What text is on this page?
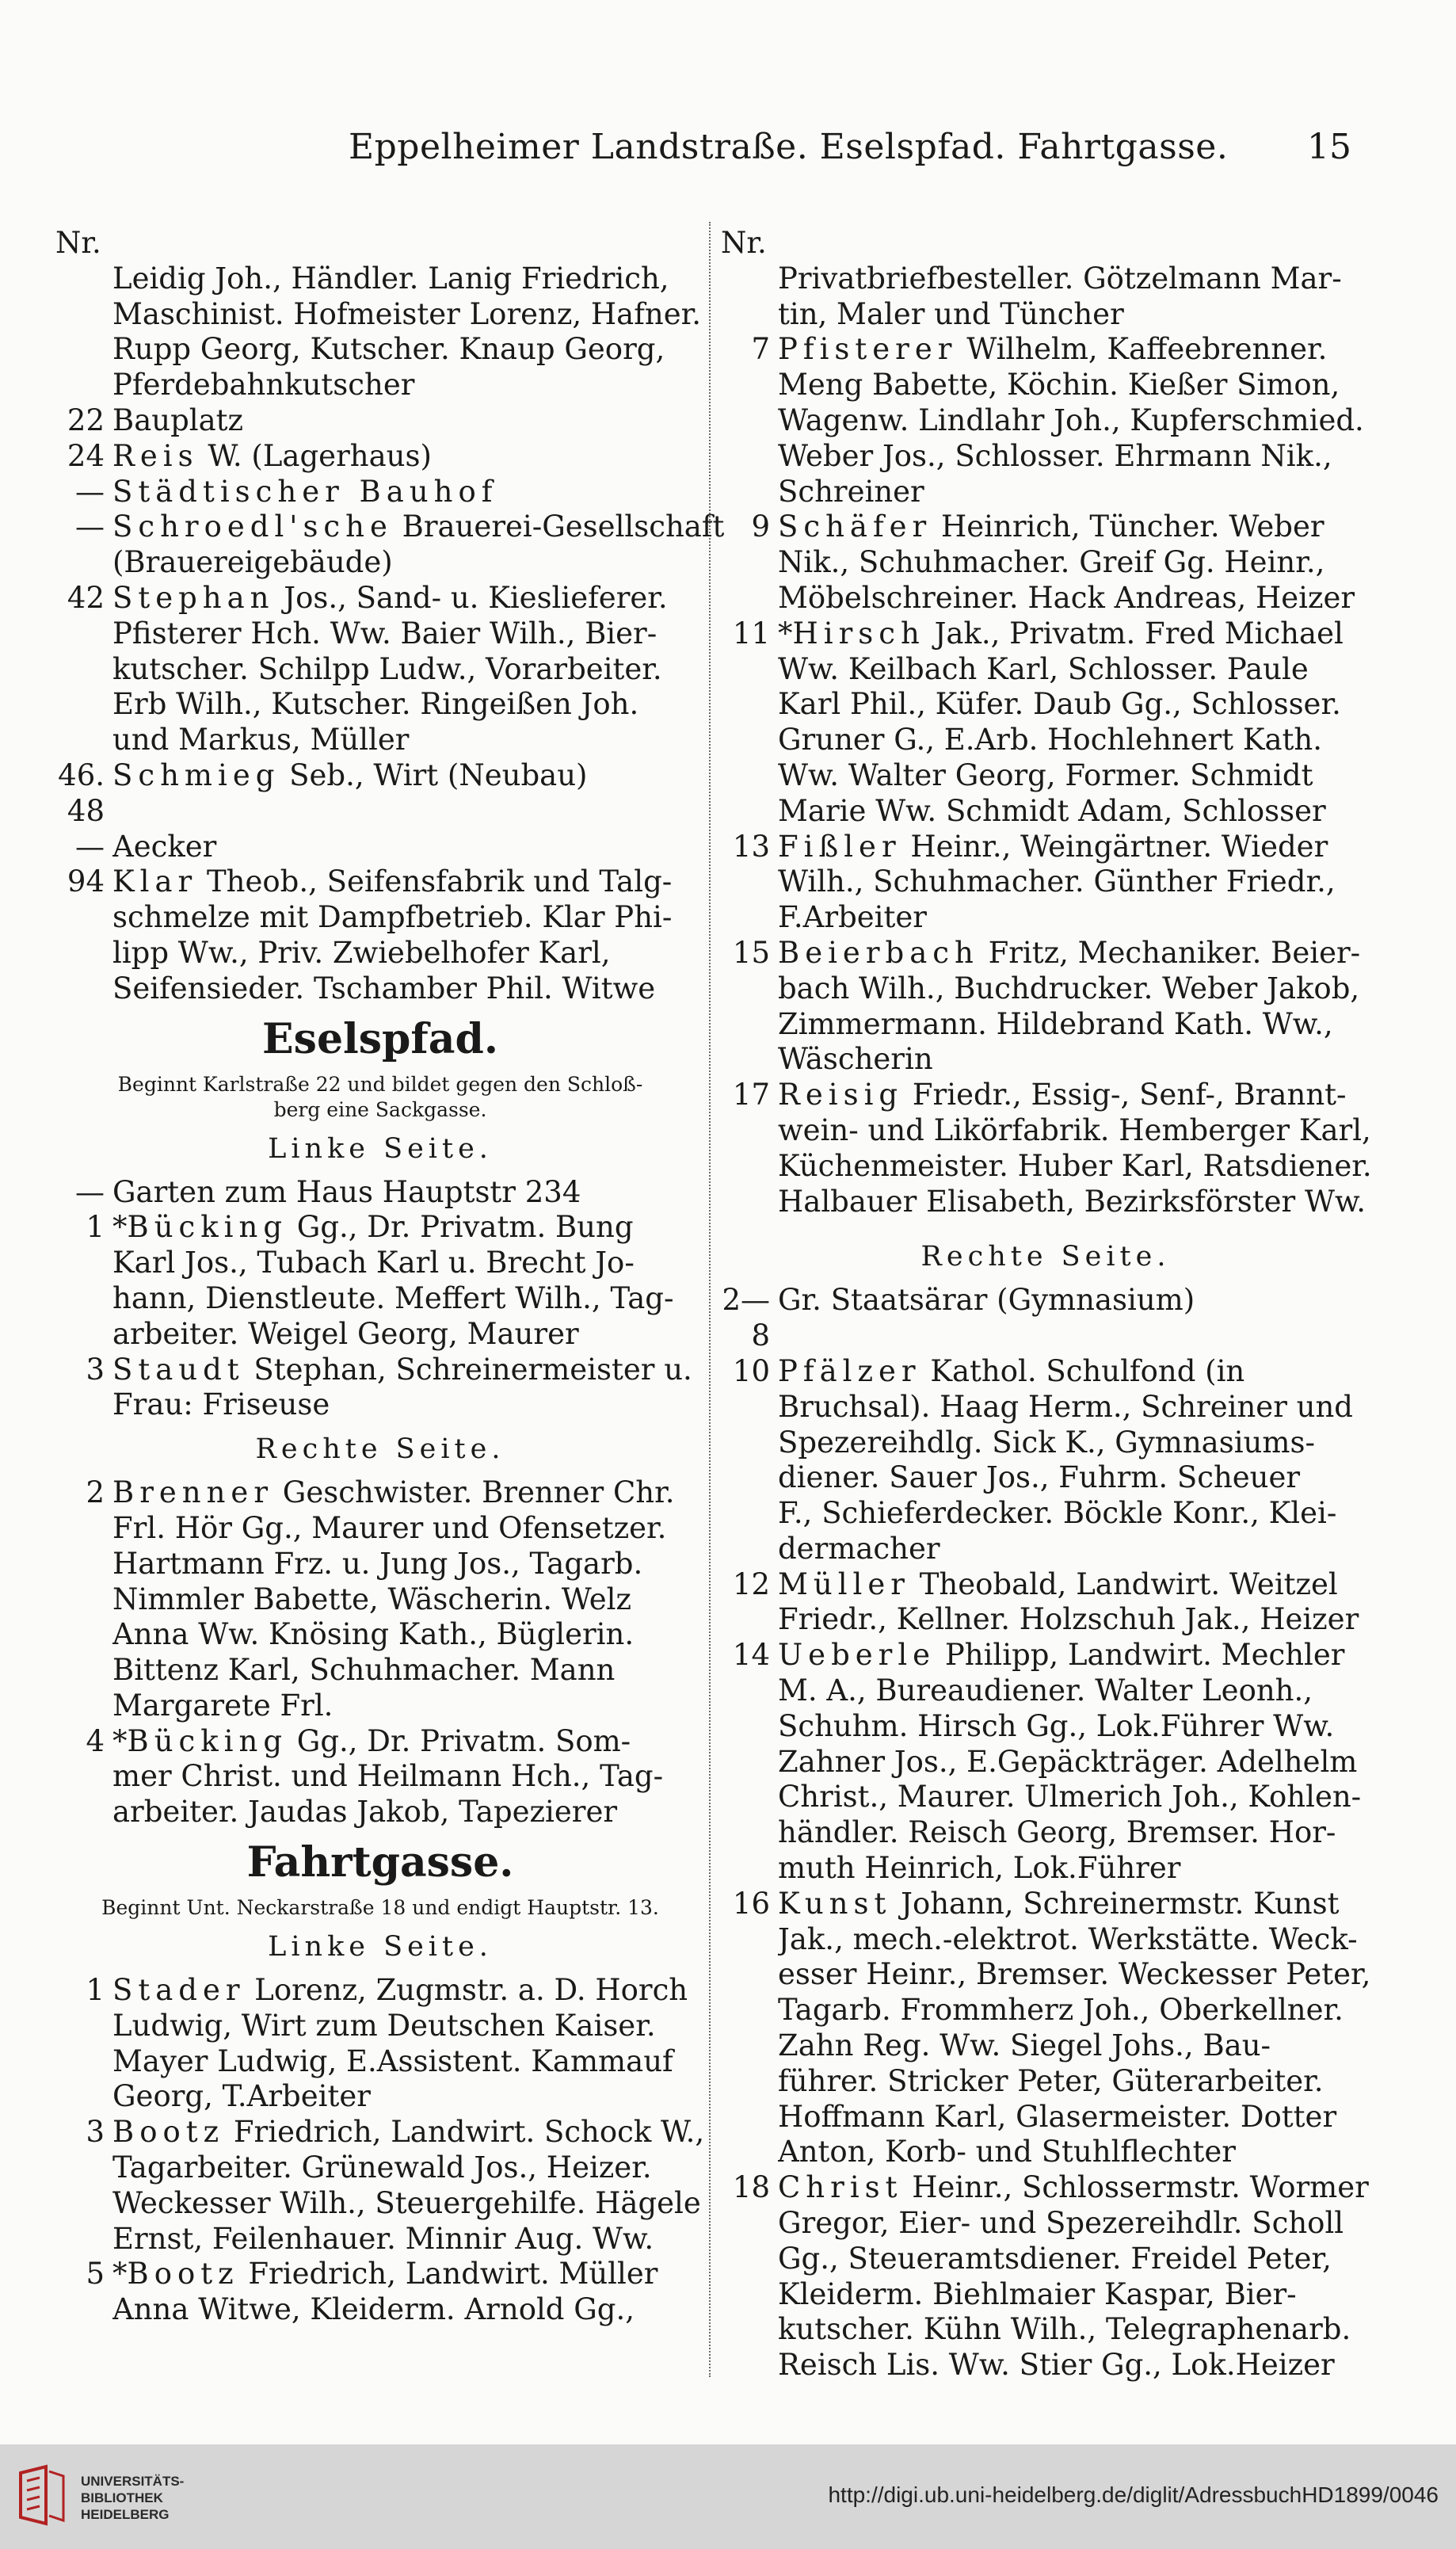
Eppelheimer Landstraße. Eselspfad. Fahrtgasse. 15
Nr.
Leidig Joh., Händler. Lanig Friedrich,
Maschinist. Hofmeister Lorenz, Hafner.
Rupp Georg, Kutscher. Knaup Georg,
Pferdebahnkutscher
22 Bauplatz
24 Reis W. (Lagerhaus)
— Städtischer Bauhof
— Schroedl'sche Brauerei-Gesellschaft
(Brauereigebäude)
42 Stephan Jos., Sand- u. Kieslieferer.
Pfisterer Hch. Ww. Baier Wilh., Bier-
kutscher. Schilpp Ludw., Vorarbeiter.
Erb Wilh., Kutscher. Ringeißen Joh.
und Markus, Müller
46. 48
Schmieg Seb., Wirt (Neubau)
— Aecker
94 Klar Theob., Seifensfabrik und Talg-
schmelze mit Dampfbetrieb. Klar Phi-
lipp Ww., Priv. Zwiebelhofer Karl,
Seifensieder. Tschamber Phil. Witwe
Eselspfad.
Beginnt Karlstraße 22 und bildet gegen den Schloß-
berg eine Sackgasse.
Linke Seite.
— Garten zum Haus Hauptstr 234
1 *Bücking Gg., Dr. Privatm. Bung
Karl Jos., Tubach Karl u. Brecht Jo-
hann, Dienstleute. Meffert Wilh., Tag-
arbeiter. Weigel Georg, Maurer
3 Staudt Stephan, Schreinermeister u.
Frau: Friseuse
Rechte Seite.
2 Brenner Geschwister. Brenner Chr.
Frl. Hör Gg., Maurer und Ofensetzer.
Hartmann Frz. u. Jung Jos., Tagarb.
Nimmler Babette, Wäscherin. Welz
Anna Ww. Knösing Kath., Büglerin.
Bittenz Karl, Schuhmacher. Mann
Margarete Frl.
4 *Bücking Gg., Dr. Privatm. Som-
mer Christ. und Heilmann Hch., Tag-
arbeiter. Jaudas Jakob, Tapezierer
Fahrtgasse.
Beginnt Unt. Neckarstraße 18 und endigt Hauptstr. 13.
Linke Seite.
1 Stader Lorenz, Zugmstr. a. D. Horch
Ludwig, Wirt zum Deutschen Kaiser.
Mayer Ludwig, E.Assistent. Kammauf
Georg, T.Arbeiter
3 Bootz Friedrich, Landwirt. Schock W.,
Tagarbeiter. Grünewald Jos., Heizer.
Weckesser Wilh., Steuergehilfe. Hägele
Ernst, Feilenhauer. Minnir Aug. Ww.
5 *Bootz Friedrich, Landwirt. Müller
Anna Witwe, Kleiderm. Arnold Gg.,
Nr.
Privatbriefbesteller. Götzelmann Mar-
tin, Maler und Tüncher
7 Pfisterer Wilhelm, Kaffeebrenner.
Meng Babette, Köchin. Kießer Simon,
Wagenw. Lindlahr Joh., Kupferschmied.
Weber Jos., Schlosser. Ehrmann Nik.,
Schreiner
9 Schäfer Heinrich, Tüncher. Weber
Nik., Schuhmacher. Greif Gg. Heinr.,
Möbelschreiner. Hack Andreas, Heizer
11 *Hirsch Jak., Privatm. Fred Michael
Ww. Keilbach Karl, Schlosser. Paule
Karl Phil., Küfer. Daub Gg., Schlosser.
Gruner G., E.Arb. Hochlehnert Kath.
Ww. Walter Georg, Former. Schmidt
Marie Ww. Schmidt Adam, Schlosser
13 Fißler Heinr., Weingärtner. Wieder
Wilh., Schuhmacher. Günther Friedr.,
F.Arbeiter
15 Beierbach Fritz, Mechaniker. Beier-
bach Wilh., Buchdrucker. Weber Jakob,
Zimmermann. Hildebrand Kath. Ww.,
Wäscherin
17 Reisig Friedr., Essig-, Senf-, Brannt-
wein- und Likörfabrik. Hemberger Karl,
Küchenmeister. Huber Karl, Ratsdiener.
Halbauer Elisabeth, Bezirksförster Ww.
Rechte Seite.
2—8
Gr. Staatsärar (Gymnasium)
10 Pfälzer Kathol. Schulfond (in
Bruchsal). Haag Herm., Schreiner und
Spezereihdlg. Sick K., Gymnasiums-
diener. Sauer Jos., Fuhrm. Scheuer
F., Schieferdecker. Böckle Konr., Klei-
dermacher
12 Müller Theobald, Landwirt. Weitzel
Friedr., Kellner. Holzschuh Jak., Heizer
14 Ueberle Philipp, Landwirt. Mechler
M. A., Bureaudiener. Walter Leonh.,
Schuhm. Hirsch Gg., Lok.Führer Ww.
Zahner Jos., E.Gepäckträger. Adelhelm
Christ., Maurer. Ulmerich Joh., Kohlen-
händler. Reisch Georg, Bremser. Hor-
muth Heinrich, Lok.Führer
16 Kunst Johann, Schreinermstr. Kunst
Jak., mech.-elektrot. Werkstätte. Weck-
esser Heinr., Bremser. Weckesser Peter,
Tagarb. Frommherz Joh., Oberkellner.
Zahn Reg. Ww. Siegel Johs., Bau-
führer. Stricker Peter, Güterarbeiter.
Hoffmann Karl, Glasermeister. Dotter
Anton, Korb- und Stuhlflechter
18 Christ Heinr., Schlossermstr. Wormer
Gregor, Eier- und Spezereihdlr. Scholl
Gg., Steueramtsdiener. Freidel Peter,
Kleiderm. Biehlmaier Kaspar, Bier-
kutscher. Kühn Wilh., Telegraphenarb.
Reisch Lis. Ww. Stier Gg., Lok.Heizer
UNIVERSITÄTS-
BIBLIOTHEK
HEIDELBERG
http://digi.ub.uni-heidelberg.de/diglit/AdressbuchHD1899/0046
